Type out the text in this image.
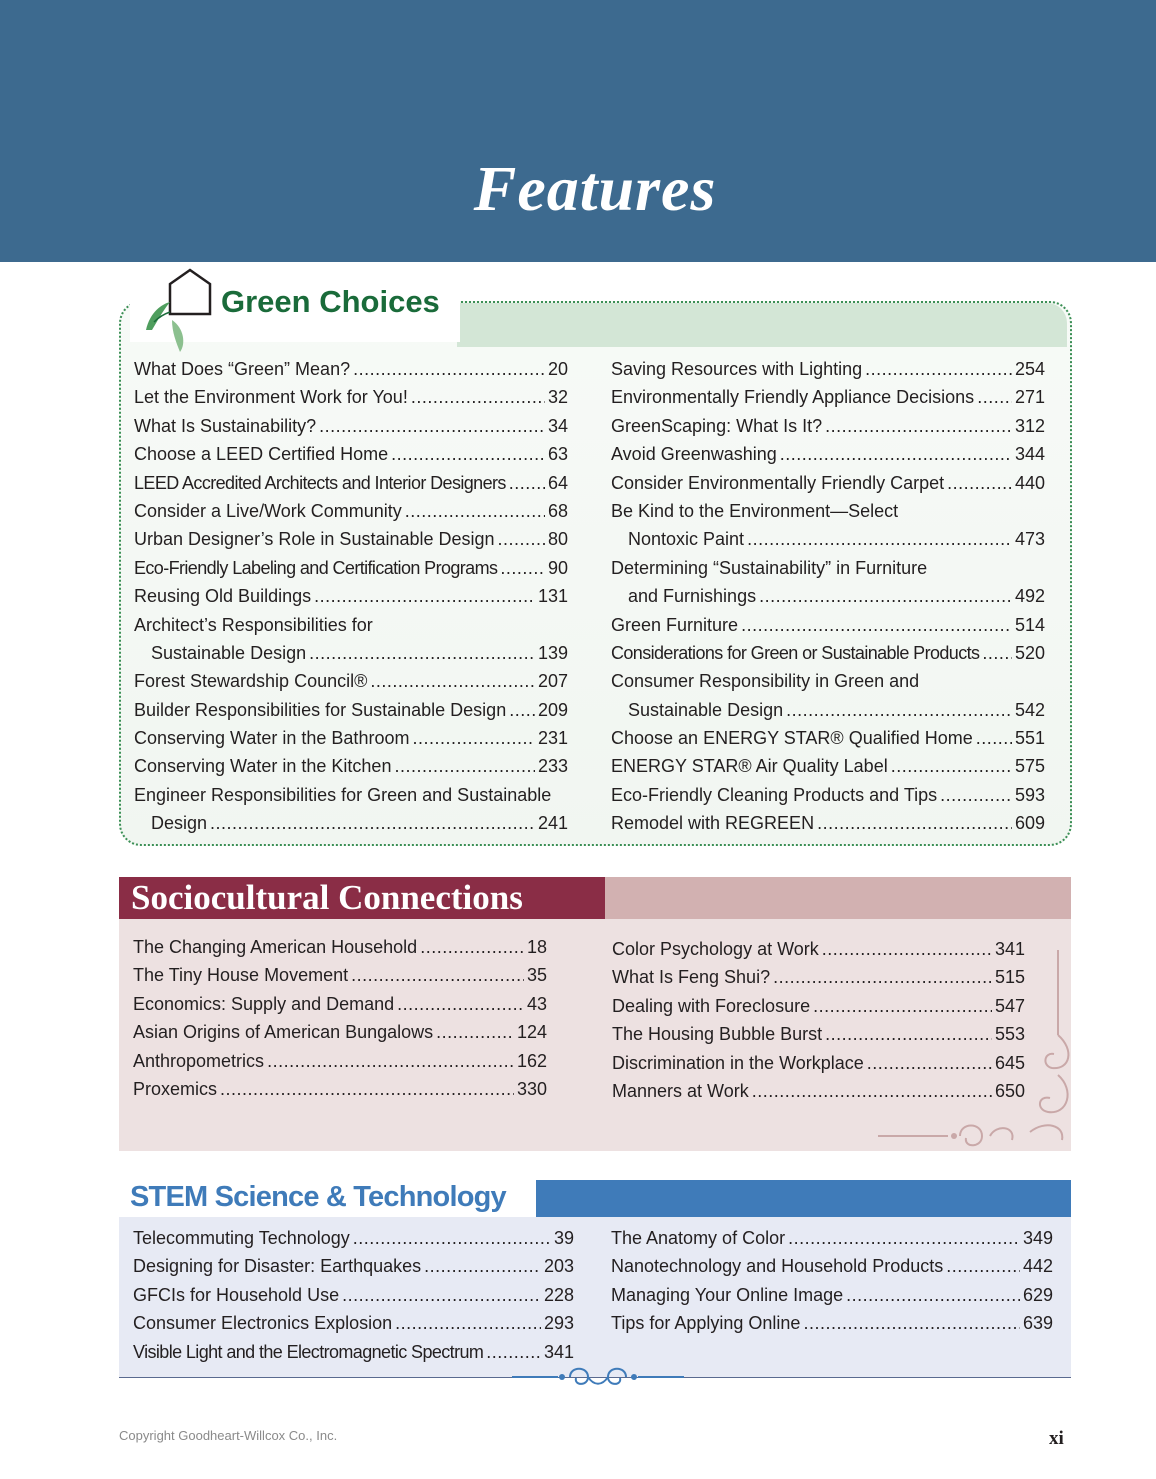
Features
Green Choices
What Does “Green” Mean? .....	20
Let the Environment Work for You! .....	32
What Is Sustainability? .....	34
Choose a LEED Certified Home .....	63
LEED Accredited Architects and Interior Designers ..... 64
Consider a Live/Work Community .....	68
Urban Designer’s Role in Sustainable Design .....	80
Eco-Friendly Labeling and Certification Programs .....	90
Reusing Old Buildings .....	131
Architect’s Responsibilities for
Sustainable Design .....	139
Forest Stewardship Council® .....	207
Builder Responsibilities for Sustainable Design ..... 209
Conserving Water in the Bathroom .....	231
Conserving Water in the Kitchen .....	233
Engineer Responsibilities for Green and Sustainable
Design .....	241
Saving Resources with Lighting .....	254
Environmentally Friendly Appliance Decisions ..... 271
GreenScaping: What Is It? .....	312
Avoid Greenwashing .....	344
Consider Environmentally Friendly Carpet .....	440
Be Kind to the Environment—Select
Nontoxic Paint .....	473
Determining “Sustainability” in Furniture
and Furnishings .....	492
Green Furniture .....	514
Considerations for Green or Sustainable Products ..... 520
Consumer Responsibility in Green and
Sustainable Design .....	542
Choose an ENERGY STAR® Qualified Home ..... 551
ENERGY STAR® Air Quality Label .....	575
Eco-Friendly Cleaning Products and Tips .....	593
Remodel with REGREEN .....	609
Sociocultural Connections
The Changing American Household .....	18
The Tiny House Movement .....	35
Economics: Supply and Demand .....	43
Asian Origins of American Bungalows .....	124
Anthropometrics .....	162
Proxemics .....	330
Color Psychology at Work .....	341
What Is Feng Shui? .....	515
Dealing with Foreclosure .....	547
The Housing Bubble Burst .....	553
Discrimination in the Workplace .....	645
Manners at Work .....	650
STEM Science & Technology
Telecommuting Technology .....	39
Designing for Disaster: Earthquakes .....	203
GFCIs for Household Use .....	228
Consumer Electronics Explosion .....	293
Visible Light and the Electromagnetic Spectrum .....	341
The Anatomy of Color .....	349
Nanotechnology and Household Products .....	442
Managing Your Online Image .....	629
Tips for Applying Online .....	639
Copyright Goodheart-Willcox Co., Inc.	xi
